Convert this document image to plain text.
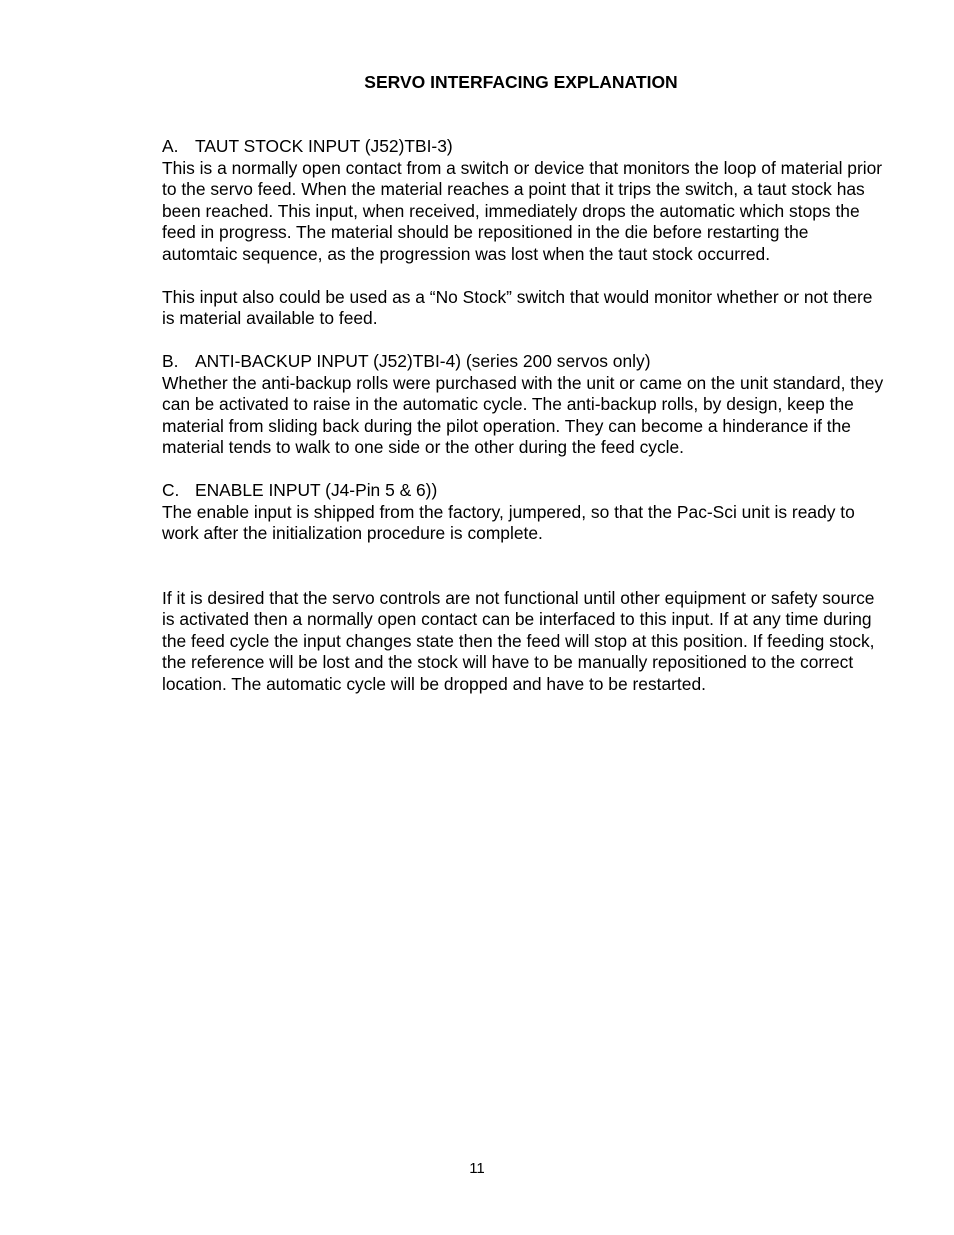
SERVO INTERFACING EXPLANATION

A. TAUT STOCK INPUT (J52)TBI-3)

This is a normally open contact from a switch or device that monitors the loop of material prior to the servo feed. When the material reaches a point that it trips the switch, a taut stock has been reached. This input, when received, immediately drops the automatic which stops the feed in progress. The material should be repositioned in the die before restarting the automtaic sequence, as the progression was lost when the taut stock occurred.

This input also could be used as a “No Stock” switch that would monitor whether or not there is material available to feed.

B. ANTI-BACKUP INPUT (J52)TBI-4) (series 200 servos only)

Whether the anti-backup rolls were purchased with the unit or came on the unit standard, they can be activated to raise in the automatic cycle. The anti-backup rolls, by design, keep the material from sliding back during the pilot operation. They can become a hinderance if the material tends to walk to one side or the other during the feed cycle.

C. ENABLE INPUT (J4-Pin 5 & 6))

The enable input is shipped from the factory, jumpered, so that the Pac-Sci unit is ready to work after the initialization procedure is complete.

If it is desired that the servo controls are not functional until other equipment or safety source is activated then a normally open contact can be interfaced to this input. If at any time during the feed cycle the input changes state then the feed will stop at this position. If feeding stock, the reference will be lost and the stock will have to be manually repositioned to the correct location. The automatic cycle will be dropped and have to be restarted.

11
